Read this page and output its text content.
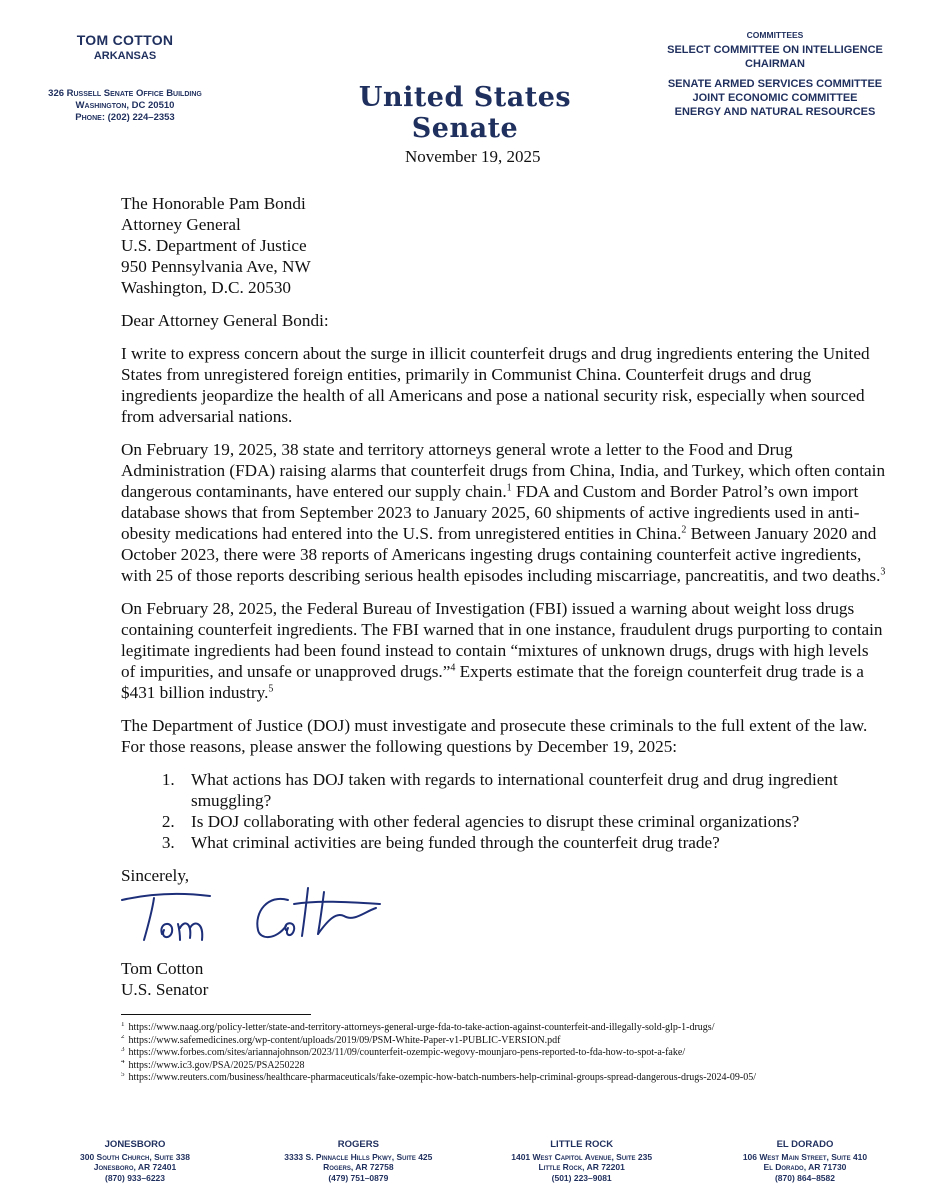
TOM COTTON
ARKANSAS
326 Russell Senate Office Building
Washington, DC 20510
Phone: (202) 224–2353
United States Senate
COMMITTEES
SELECT COMMITTEE ON INTELLIGENCE
CHAIRMAN
SENATE ARMED SERVICES COMMITTEE
JOINT ECONOMIC COMMITTEE
ENERGY AND NATURAL RESOURCES
November 19, 2025
The Honorable Pam Bondi
Attorney General
U.S. Department of Justice
950 Pennsylvania Ave, NW
Washington, D.C. 20530
Dear Attorney General Bondi:

I write to express concern about the surge in illicit counterfeit drugs and drug ingredients entering the United States from unregistered foreign entities, primarily in Communist China. Counterfeit drugs and drug ingredients jeopardize the health of all Americans and pose a national security risk, especially when sourced from adversarial nations.

On February 19, 2025, 38 state and territory attorneys general wrote a letter to the Food and Drug Administration (FDA) raising alarms that counterfeit drugs from China, India, and Turkey, which often contain dangerous contaminants, have entered our supply chain.$^1$ FDA and Custom and Border Patrol’s own import database shows that from September 2023 to January 2025, 60 shipments of active ingredients used in anti-obesity medications had entered into the U.S. from unregistered entities in China.$^2$ Between January 2020 and October 2023, there were 38 reports of Americans ingesting drugs containing counterfeit active ingredients, with 25 of those reports describing serious health episodes including miscarriage, pancreatitis, and two deaths.$^3$

On February 28, 2025, the Federal Bureau of Investigation (FBI) issued a warning about weight loss drugs containing counterfeit ingredients. The FBI warned that in one instance, fraudulent drugs purporting to contain legitimate ingredients had been found instead to contain “mixtures of unknown drugs, drugs with high levels of impurities, and unsafe or unapproved drugs.”$^4$ Experts estimate that the foreign counterfeit drug trade is a $431 billion industry.$^5$

The Department of Justice (DOJ) must investigate and prosecute these criminals to the full extent of the law. For those reasons, please answer the following questions by December 19, 2025:

1. What actions has DOJ taken with regards to international counterfeit drug and drug ingredient smuggling?
2. Is DOJ collaborating with other federal agencies to disrupt these criminal organizations?
3. What criminal activities are being funded through the counterfeit drug trade?
Sincerely,
Tom Cotton
U.S. Senator
$^1$ https://www.naag.org/policy-letter/state-and-territory-attorneys-general-urge-fda-to-take-action-against-counterfeit-and-illegally-sold-glp-1-drugs/
$^2$ https://www.safemedicines.org/wp-content/uploads/2019/09/PSM-White-Paper-v1-PUBLIC-VERSION.pdf
$^3$ https://www.forbes.com/sites/ariannajohnson/2023/11/09/counterfeit-ozempic-wegovy-mounjaro-pens-reported-to-fda-how-to-spot-a-fake/
$^4$ https://www.ic3.gov/PSA/2025/PSA250228
$^5$ https://www.reuters.com/business/healthcare-pharmaceuticals/fake-ozempic-how-batch-numbers-help-criminal-groups-spread-dangerous-drugs-2024-09-05/
JONESBORO
300 South Church, Suite 338
Jonesboro, AR 72401
(870) 933–6223
ROGERS
3333 S. Pinnacle Hills Pkwy, Suite 425
Rogers, AR 72758
(479) 751–0879
LITTLE ROCK
1401 West Capitol Avenue, Suite 235
Little Rock, AR 72201
(501) 223–9081
EL DORADO
106 West Main Street, Suite 410
El Dorado, AR 71730
(870) 864–8582
